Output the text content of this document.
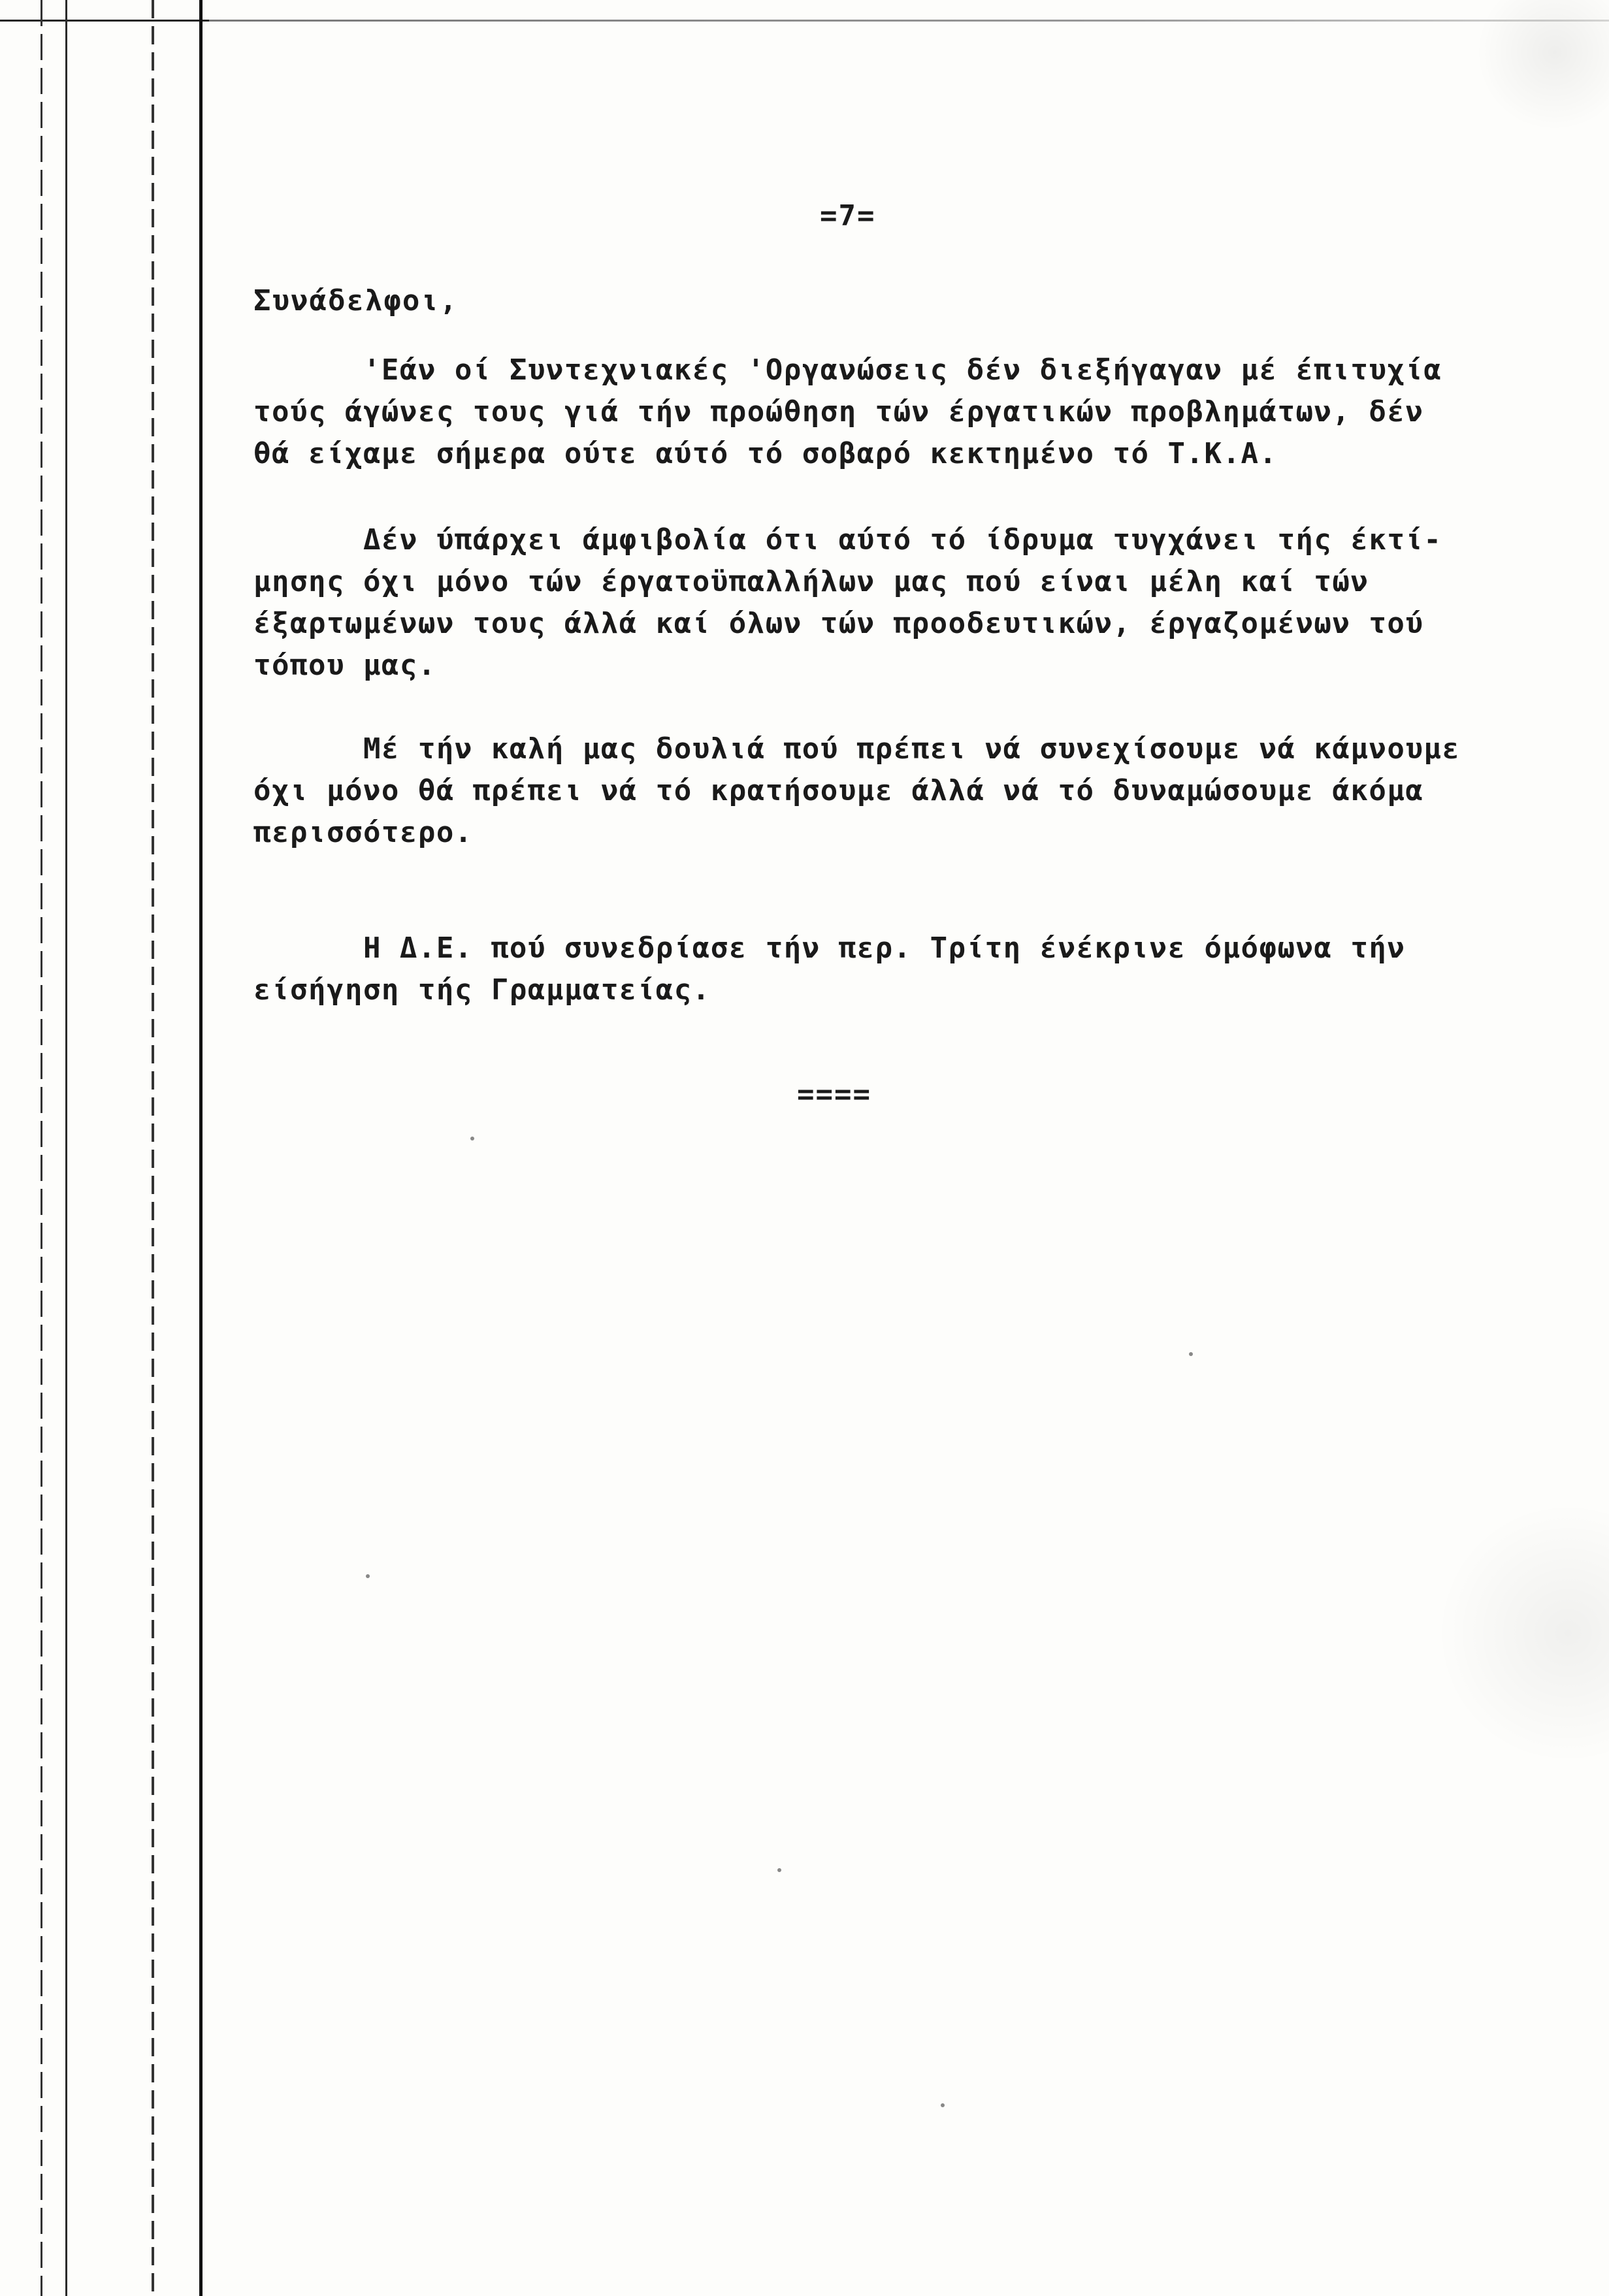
=7=
Συνάδελφοι,
'Εάν οί Συντεχνιακές 'Οργανώσεις δέν διεξήγαγαν μέ έπιτυχία
τούς άγώνες τους γιά τήν προώθηση τών έργατικών προβλημάτων, δέν
θά είχαμε σήμερα ούτε αύτό τό σοβαρό κεκτημένο τό Τ.Κ.Α.
Δέν ύπάρχει άμφιβολία ότι αύτό τό ίδρυμα τυγχάνει τής έκτί-
μησης όχι μόνο τών έργατοϋπαλλήλων μας πού είναι μέλη καί τών
έξαρτωμένων τους άλλά καί όλων τών προοδευτικών, έργαζομένων τού
τόπου μας.
Μέ τήν καλή μας δουλιά πού πρέπει νά συνεχίσουμε νά κάμνουμε
όχι μόνο θά πρέπει νά τό κρατήσουμε άλλά νά τό δυναμώσουμε άκόμα
περισσότερο.
Η Δ.Ε. πού συνεδρίασε τήν περ. Τρίτη ένέκρινε όμόφωνα τήν
είσήγηση τής Γραμματείας.
====
